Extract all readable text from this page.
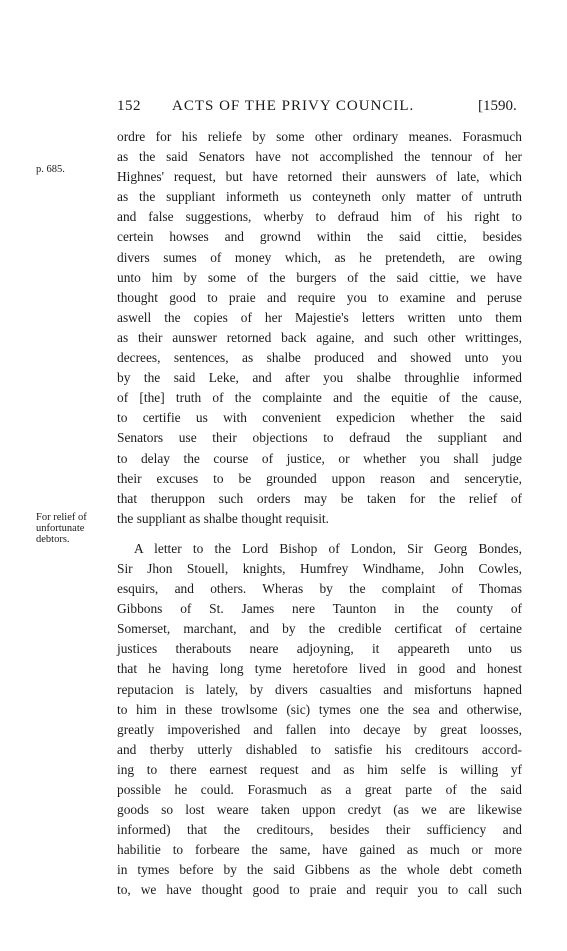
152 ACTS OF THE PRIVY COUNCIL.	[1590.
p. 685.
For relief of
unfortunate
debtors.
ordre for his reliefe by some other ordinary meanes. Forasmuch
as the said Senators have not accomplished the tennour of her
Highnes' request, but have retorned their aunswers of late, which
as the suppliant informeth us conteyneth only matter of untruth
and false suggestions, wherby to defraud him of his right to
certein howses and grownd within the said cittie, besides
divers sumes of money which, as he pretendeth, are owing
unto him by some of the burgers of the said cittie, we have
thought good to praie and require you to examine and peruse
aswell the copies of her Majestie's letters written unto them
as their aunswer retorned back againe, and such other writtinges,
decrees, sentences, as shalbe produced and showed unto you
by the said Leke, and after you shalbe throughlie informed
of [the] truth of the complainte and the equitie of the cause,
to certifie us with convenient expedicion whether the said
Senators use their objections to defraud the suppliant and
to delay the course of justice, or whether you shall judge
their excuses to be grounded uppon reason and sencerytie,
that theruppon such orders may be taken for the relief of
the suppliant as shalbe thought requisit.
A letter to the Lord Bishop of London, Sir Georg Bondes,
Sir Jhon Stouell, knights, Humfrey Windhame, John Cowles,
esquirs, and others. Wheras by the complaint of Thomas
Gibbons of St. James nere Taunton in the county of
Somerset, marchant, and by the credible certificat of certaine
justices therabouts neare adjoyning, it appeareth unto us
that he having long tyme heretofore lived in good and honest
reputacion is lately, by divers casualties and misfortuns hapned
to him in these trowlsome (sic) tymes one the sea and otherwise,
greatly impoverished and fallen into decaye by great loosses,
and therby utterly dishabled to satisfie his creditours accord-
ing to there earnest request and as him selfe is willing yf
possible he could. Forasmuch as a great parte of the said
goods so lost weare taken uppon credyt (as we are likewise
informed) that the creditours, besides their sufficiency and
habilitie to forbeare the same, have gained as much or more
in tymes before by the said Gibbens as the whole debt cometh
to, we have thought good to praie and requir you to call such
